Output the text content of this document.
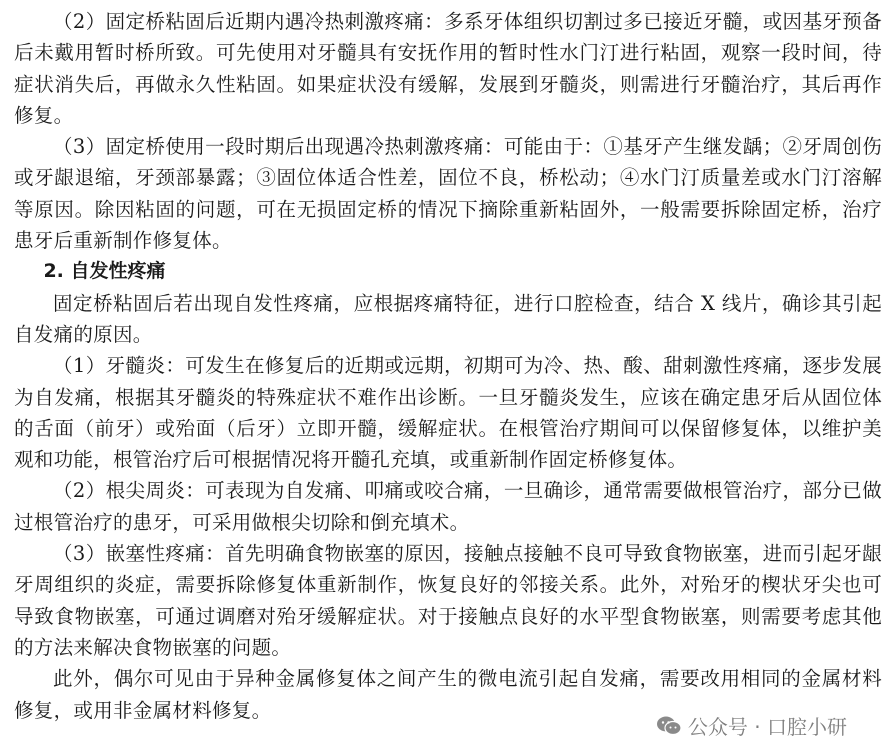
（2）固定桥粘固后近期内遇冷热刺激疼痛：多系牙体组织切割过多已接近牙髓，或因基牙预备后未戴用暂时桥所致。可先使用对牙髓具有安抚作用的暂时性水门汀进行粘固，观察一段时间，待症状消失后，再做永久性粘固。如果症状没有缓解，发展到牙髓炎，则需进行牙髓治疗，其后再作修复。

（3）固定桥使用一段时期后出现遇冷热刺激疼痛：可能由于：①基牙产生继发龋；②牙周创伤或牙龈退缩，牙颈部暴露；③固位体适合性差，固位不良，桥松动；④水门汀质量差或水门汀溶解等原因。除因粘固的问题，可在无损固定桥的情况下摘除重新粘固外，一般需要拆除固定桥，治疗患牙后重新制作修复体。

2. 自发性疼痛

固定桥粘固后若出现自发性疼痛，应根据疼痛特征，进行口腔检查，结合 X 线片，确诊其引起自发痛的原因。

（1）牙髓炎：可发生在修复后的近期或远期，初期可为冷、热、酸、甜刺激性疼痛，逐步发展为自发痛，根据其牙髓炎的特殊症状不难作出诊断。一旦牙髓炎发生，应该在确定患牙后从固位体的舌面（前牙）或殆面（后牙）立即开髓，缓解症状。在根管治疗期间可以保留修复体，以维护美观和功能，根管治疗后可根据情况将开髓孔充填，或重新制作固定桥修复体。

（2）根尖周炎：可表现为自发痛、叩痛或咬合痛，一旦确诊，通常需要做根管治疗，部分已做过根管治疗的患牙，可采用做根尖切除和倒充填术。

（3）嵌塞性疼痛：首先明确食物嵌塞的原因，接触点接触不良可导致食物嵌塞，进而引起牙龈牙周组织的炎症，需要拆除修复体重新制作，恢复良好的邻接关系。此外，对殆牙的楔状牙尖也可导致食物嵌塞，可通过调磨对殆牙缓解症状。对于接触点良好的水平型食物嵌塞，则需要考虑其他的方法来解决食物嵌塞的问题。

此外，偶尔可见由于异种金属修复体之间产生的微电流引起自发痛，需要改用相同的金属材料修复，或用非金属材料修复。

公众号 · 口腔小研
